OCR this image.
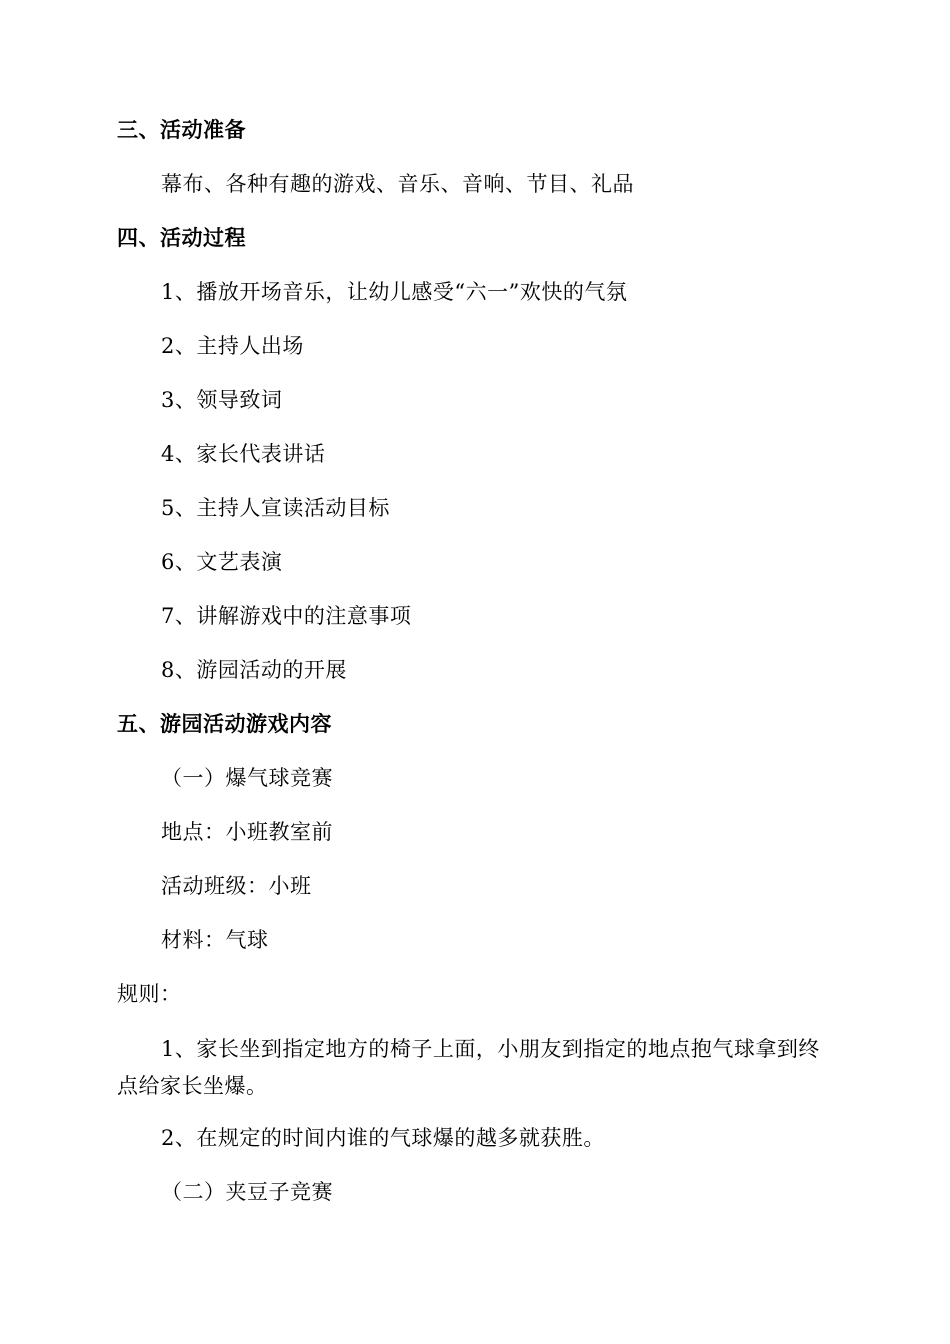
三、活动准备
幕布、各种有趣的游戏、音乐、音响、节目、礼品
四、活动过程
1、播放开场音乐，让幼儿感受“六一”欢快的气氛
2、主持人出场
3、领导致词
4、家长代表讲话
5、主持人宣读活动目标
6、文艺表演
7、讲解游戏中的注意事项
8、游园活动的开展
五、游园活动游戏内容
（一）爆气球竞赛
地点：小班教室前
活动班级：小班
材料：气球
规则：
1、家长坐到指定地方的椅子上面，小朋友到指定的地点抱气球拿到终点给家长坐爆。
2、在规定的时间内谁的气球爆的越多就获胜。
（二）夹豆子竞赛
